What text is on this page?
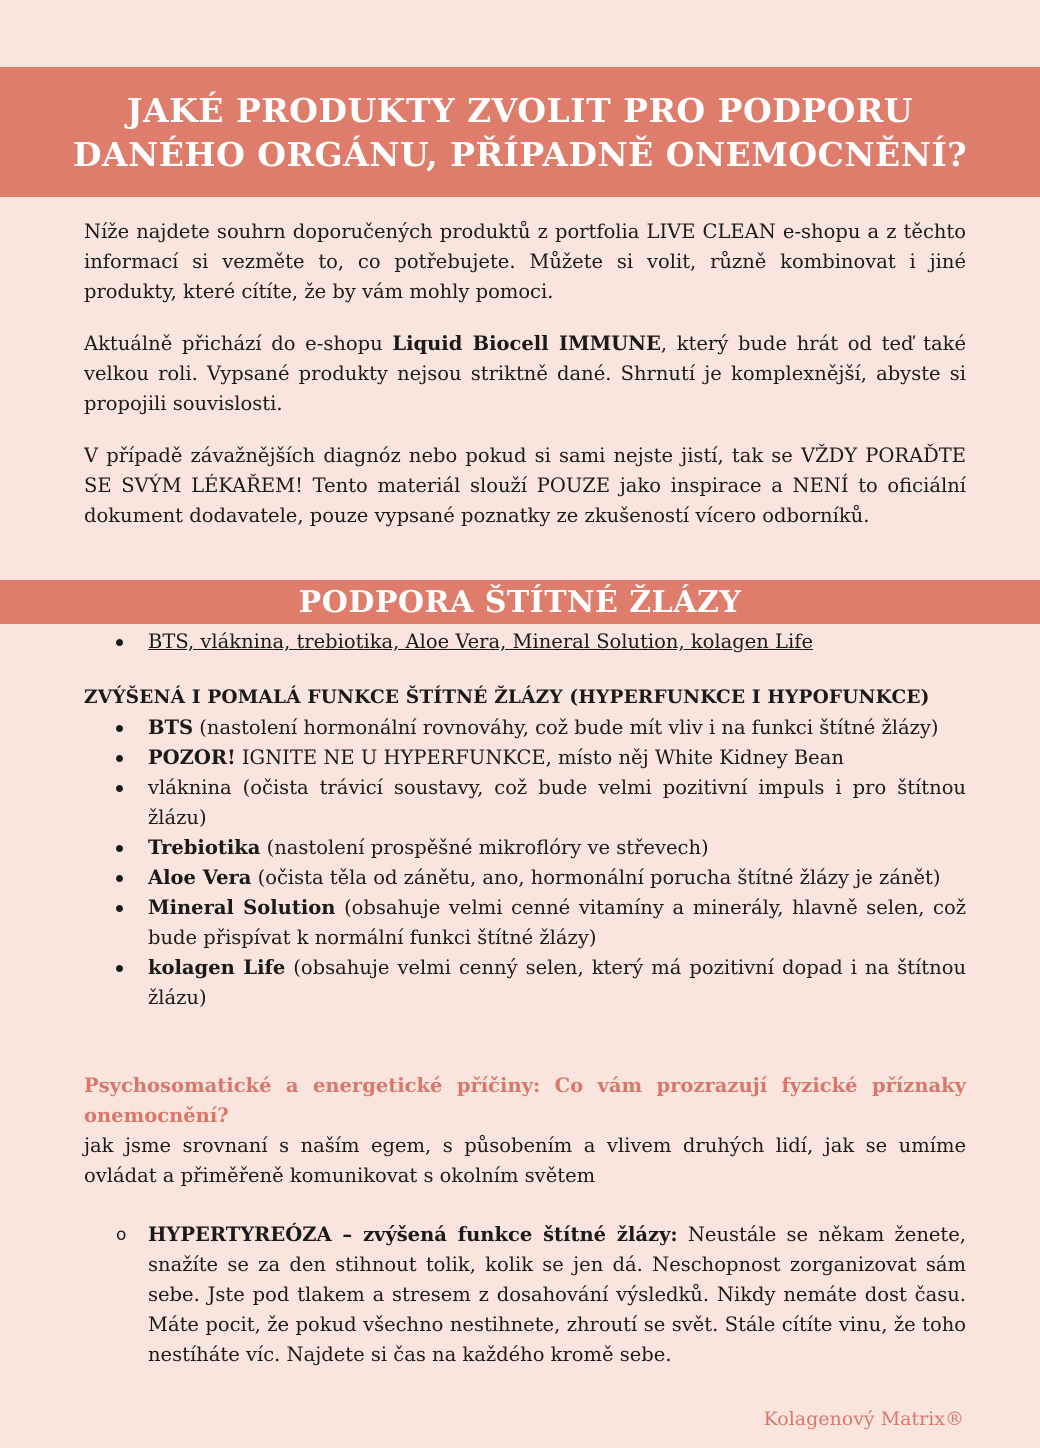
JAKÉ PRODUKTY ZVOLIT PRO PODPORU
DANÉHO ORGÁNU, PŘÍPADNĚ ONEMOCNĚNÍ?

Níže najdete souhrn doporučených produktů z portfolia LIVE CLEAN e-shopu a z těchto informací si vezměte to, co potřebujete. Můžete si volit, různě kombinovat i jiné produkty, které cítíte, že by vám mohly pomoci.

Aktuálně přichází do e-shopu Liquid Biocell IMMUNE, který bude hrát od teď také velkou roli. Vypsané produkty nejsou striktně dané. Shrnutí je komplexnější, abyste si propojili souvislosti.

V případě závažnějších diagnóz nebo pokud si sami nejste jistí, tak se VŽDY PORAĎTE SE SVÝM LÉKAŘEM! Tento materiál slouží POUZE jako inspirace a NENÍ to oficiální dokument dodavatele, pouze vypsané poznatky ze zkušeností vícero odborníků.

PODPORA ŠTÍTNÉ ŽLÁZY
BTS, vláknina, trebiotika, Aloe Vera, Mineral Solution, kolagen Life
ZVÝŠENÁ I POMALÁ FUNKCE ŠTÍTNÉ ŽLÁZY (HYPERFUNKCE I HYPOFUNKCE)
BTS (nastolení hormonální rovnováhy, což bude mít vliv i na funkci štítné žlázy)
POZOR! IGNITE NE U HYPERFUNKCE, místo něj White Kidney Bean
vláknina (očista trávicí soustavy, což bude velmi pozitivní impuls i pro štítnou žlázu)
Trebiotika (nastolení prospěšné mikroflóry ve střevech)
Aloe Vera (očista těla od zánětu, ano, hormonální porucha štítné žlázy je zánět)
Mineral Solution (obsahuje velmi cenné vitamíny a minerály, hlavně selen, což bude přispívat k normální funkci štítné žlázy)
kolagen Life (obsahuje velmi cenný selen, který má pozitivní dopad i na štítnou žlázu)

Psychosomatické a energetické příčiny: Co vám prozrazují fyzické příznaky onemocnění?

jak jsme srovnaní s naším egem, s působením a vlivem druhých lidí, jak se umíme ovládat a přiměřeně komunikovat s okolním světem

o HYPERTYREÓZA – zvýšená funkce štítné žlázy: Neustále se někam ženete, snažíte se za den stihnout tolik, kolik se jen dá. Neschopnost zorganizovat sám sebe. Jste pod tlakem a stresem z dosahování výsledků. Nikdy nemáte dost času. Máte pocit, že pokud všechno nestihnete, zhroutí se svět. Stále cítíte vinu, že toho nestíháte víc. Najdete si čas na každého kromě sebe.
Kolagenový Matrix®
